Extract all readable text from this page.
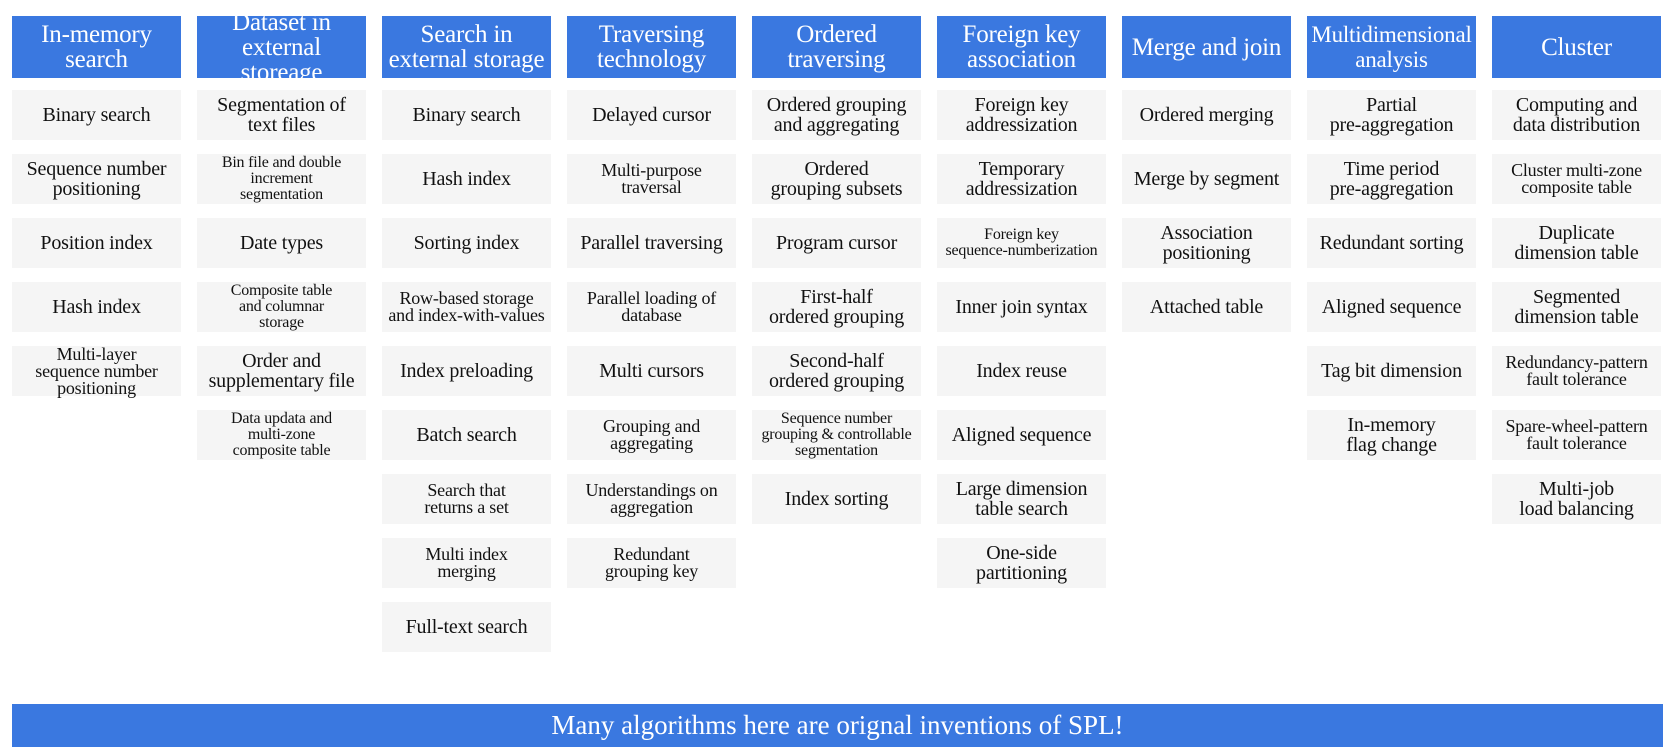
In-memory
search
Binary search
Sequence number
positioning
Position index
Hash index
Multi-layer
sequence number
positioning
Dataset in
external storeage
Segmentation of
text files
Bin file and double
increment
segmentation
Date types
Composite table
and columnar
storage
Order and
supplementary file
Data updata and
multi-zone
composite table
Search in
external storage
Binary search
Hash index
Sorting index
Row-based storage
and index-with-values
Index preloading
Batch search
Search that
returns a set
Multi index
merging
Full-text search
Traversing
technology
Delayed cursor
Multi-purpose
traversal
Parallel traversing
Parallel loading of
database
Multi cursors
Grouping and
aggregating
Understandings on
aggregation
Redundant
grouping key
Ordered
traversing
Ordered grouping
and aggregating
Ordered
grouping subsets
Program cursor
First-half
ordered grouping
Second-half
ordered grouping
Sequence number
grouping & controllable
segmentation
Index sorting
Foreign key
association
Foreign key
addressization
Temporary
addressization
Foreign key
sequence-numberization
Inner join syntax
Index reuse
Aligned sequence
Large dimension
table search
One-side
partitioning
Merge and join
Ordered merging
Merge by segment
Association
positioning
Attached table
Multidimensional
analysis
Partial
pre-aggregation
Time period
pre-aggregation
Redundant sorting
Aligned sequence
Tag bit dimension
In-memory
flag change
Cluster
Computing and
data distribution
Cluster multi-zone
composite table
Duplicate
dimension table
Segmented
dimension table
Redundancy-pattern
fault tolerance
Spare-wheel-pattern
fault tolerance
Multi-job
load balancing
Many algorithms here are orignal inventions of SPL!
